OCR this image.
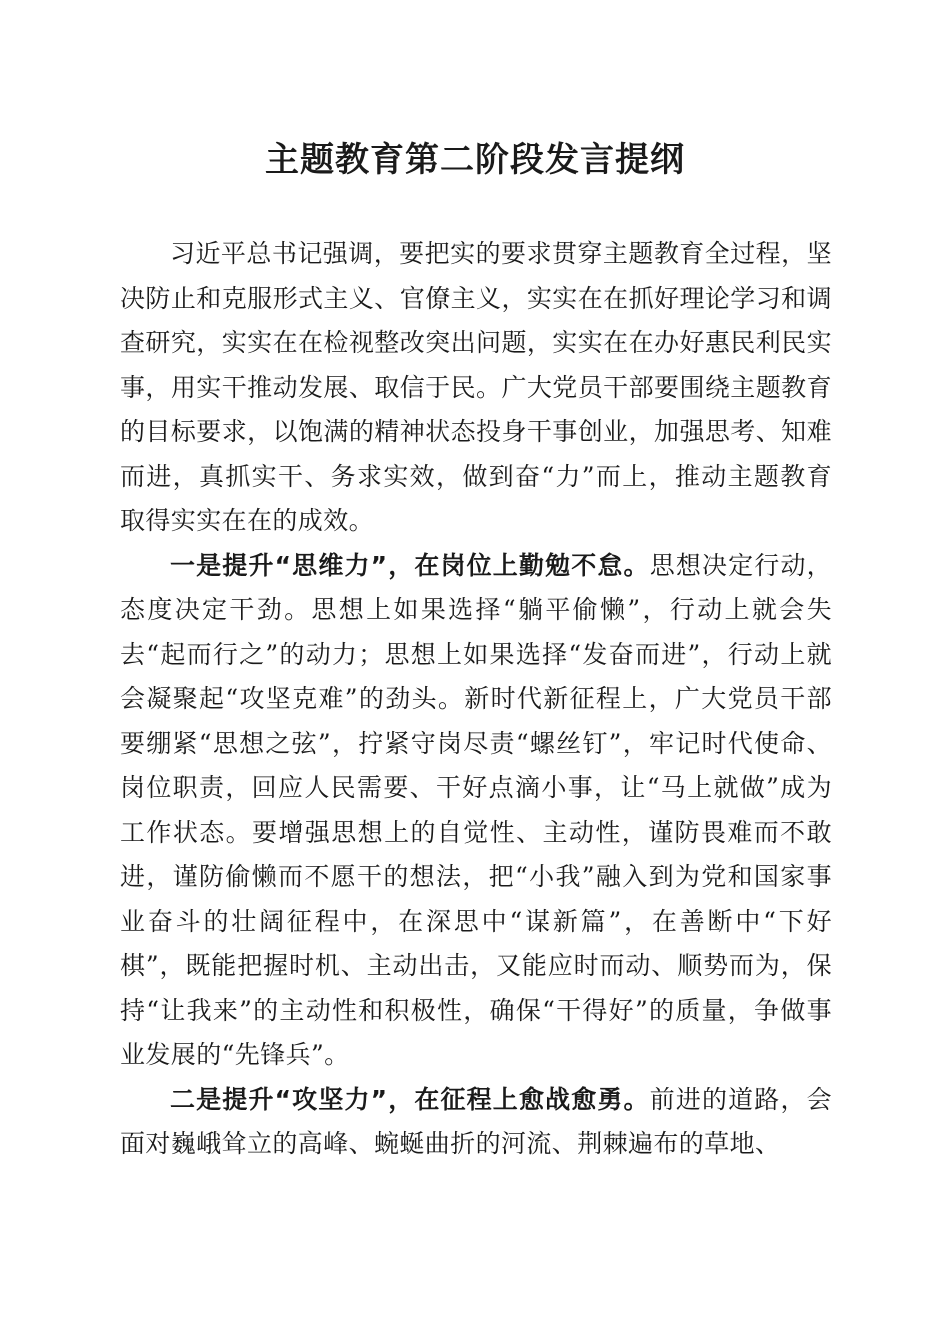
主题教育第二阶段发言提纲

习近平总书记强调，要把实的要求贯穿主题教育全过程，坚决防止和克服形式主义、官僚主义，实实在在抓好理论学习和调查研究，实实在在检视整改突出问题，实实在在办好惠民利民实事，用实干推动发展、取信于民。广大党员干部要围绕主题教育的目标要求，以饱满的精神状态投身干事创业，加强思考、知难而进，真抓实干、务求实效，做到奋“力”而上，推动主题教育取得实实在在的成效。

一是提升“思维力”，在岗位上勤勉不怠。思想决定行动，态度决定干劲。思想上如果选择“躺平偷懒”，行动上就会失去“起而行之”的动力；思想上如果选择“发奋而进”，行动上就会凝聚起“攻坚克难”的劲头。新时代新征程上，广大党员干部要绷紧“思想之弦”，拧紧守岗尽责“螺丝钉”，牢记时代使命、岗位职责，回应人民需要、干好点滴小事，让“马上就做”成为工作状态。要增强思想上的自觉性、主动性，谨防畏难而不敢进，谨防偷懒而不愿干的想法，把“小我”融入到为党和国家事业奋斗的壮阔征程中，在深思中“谋新篇”，在善断中“下好棋”，既能把握时机、主动出击，又能应时而动、顺势而为，保持“让我来”的主动性和积极性，确保“干得好”的质量，争做事业发展的“先锋兵”。

二是提升“攻坚力”，在征程上愈战愈勇。前进的道路，会面对巍峨耸立的高峰、蜿蜒曲折的河流、荆棘遍布的草地、
